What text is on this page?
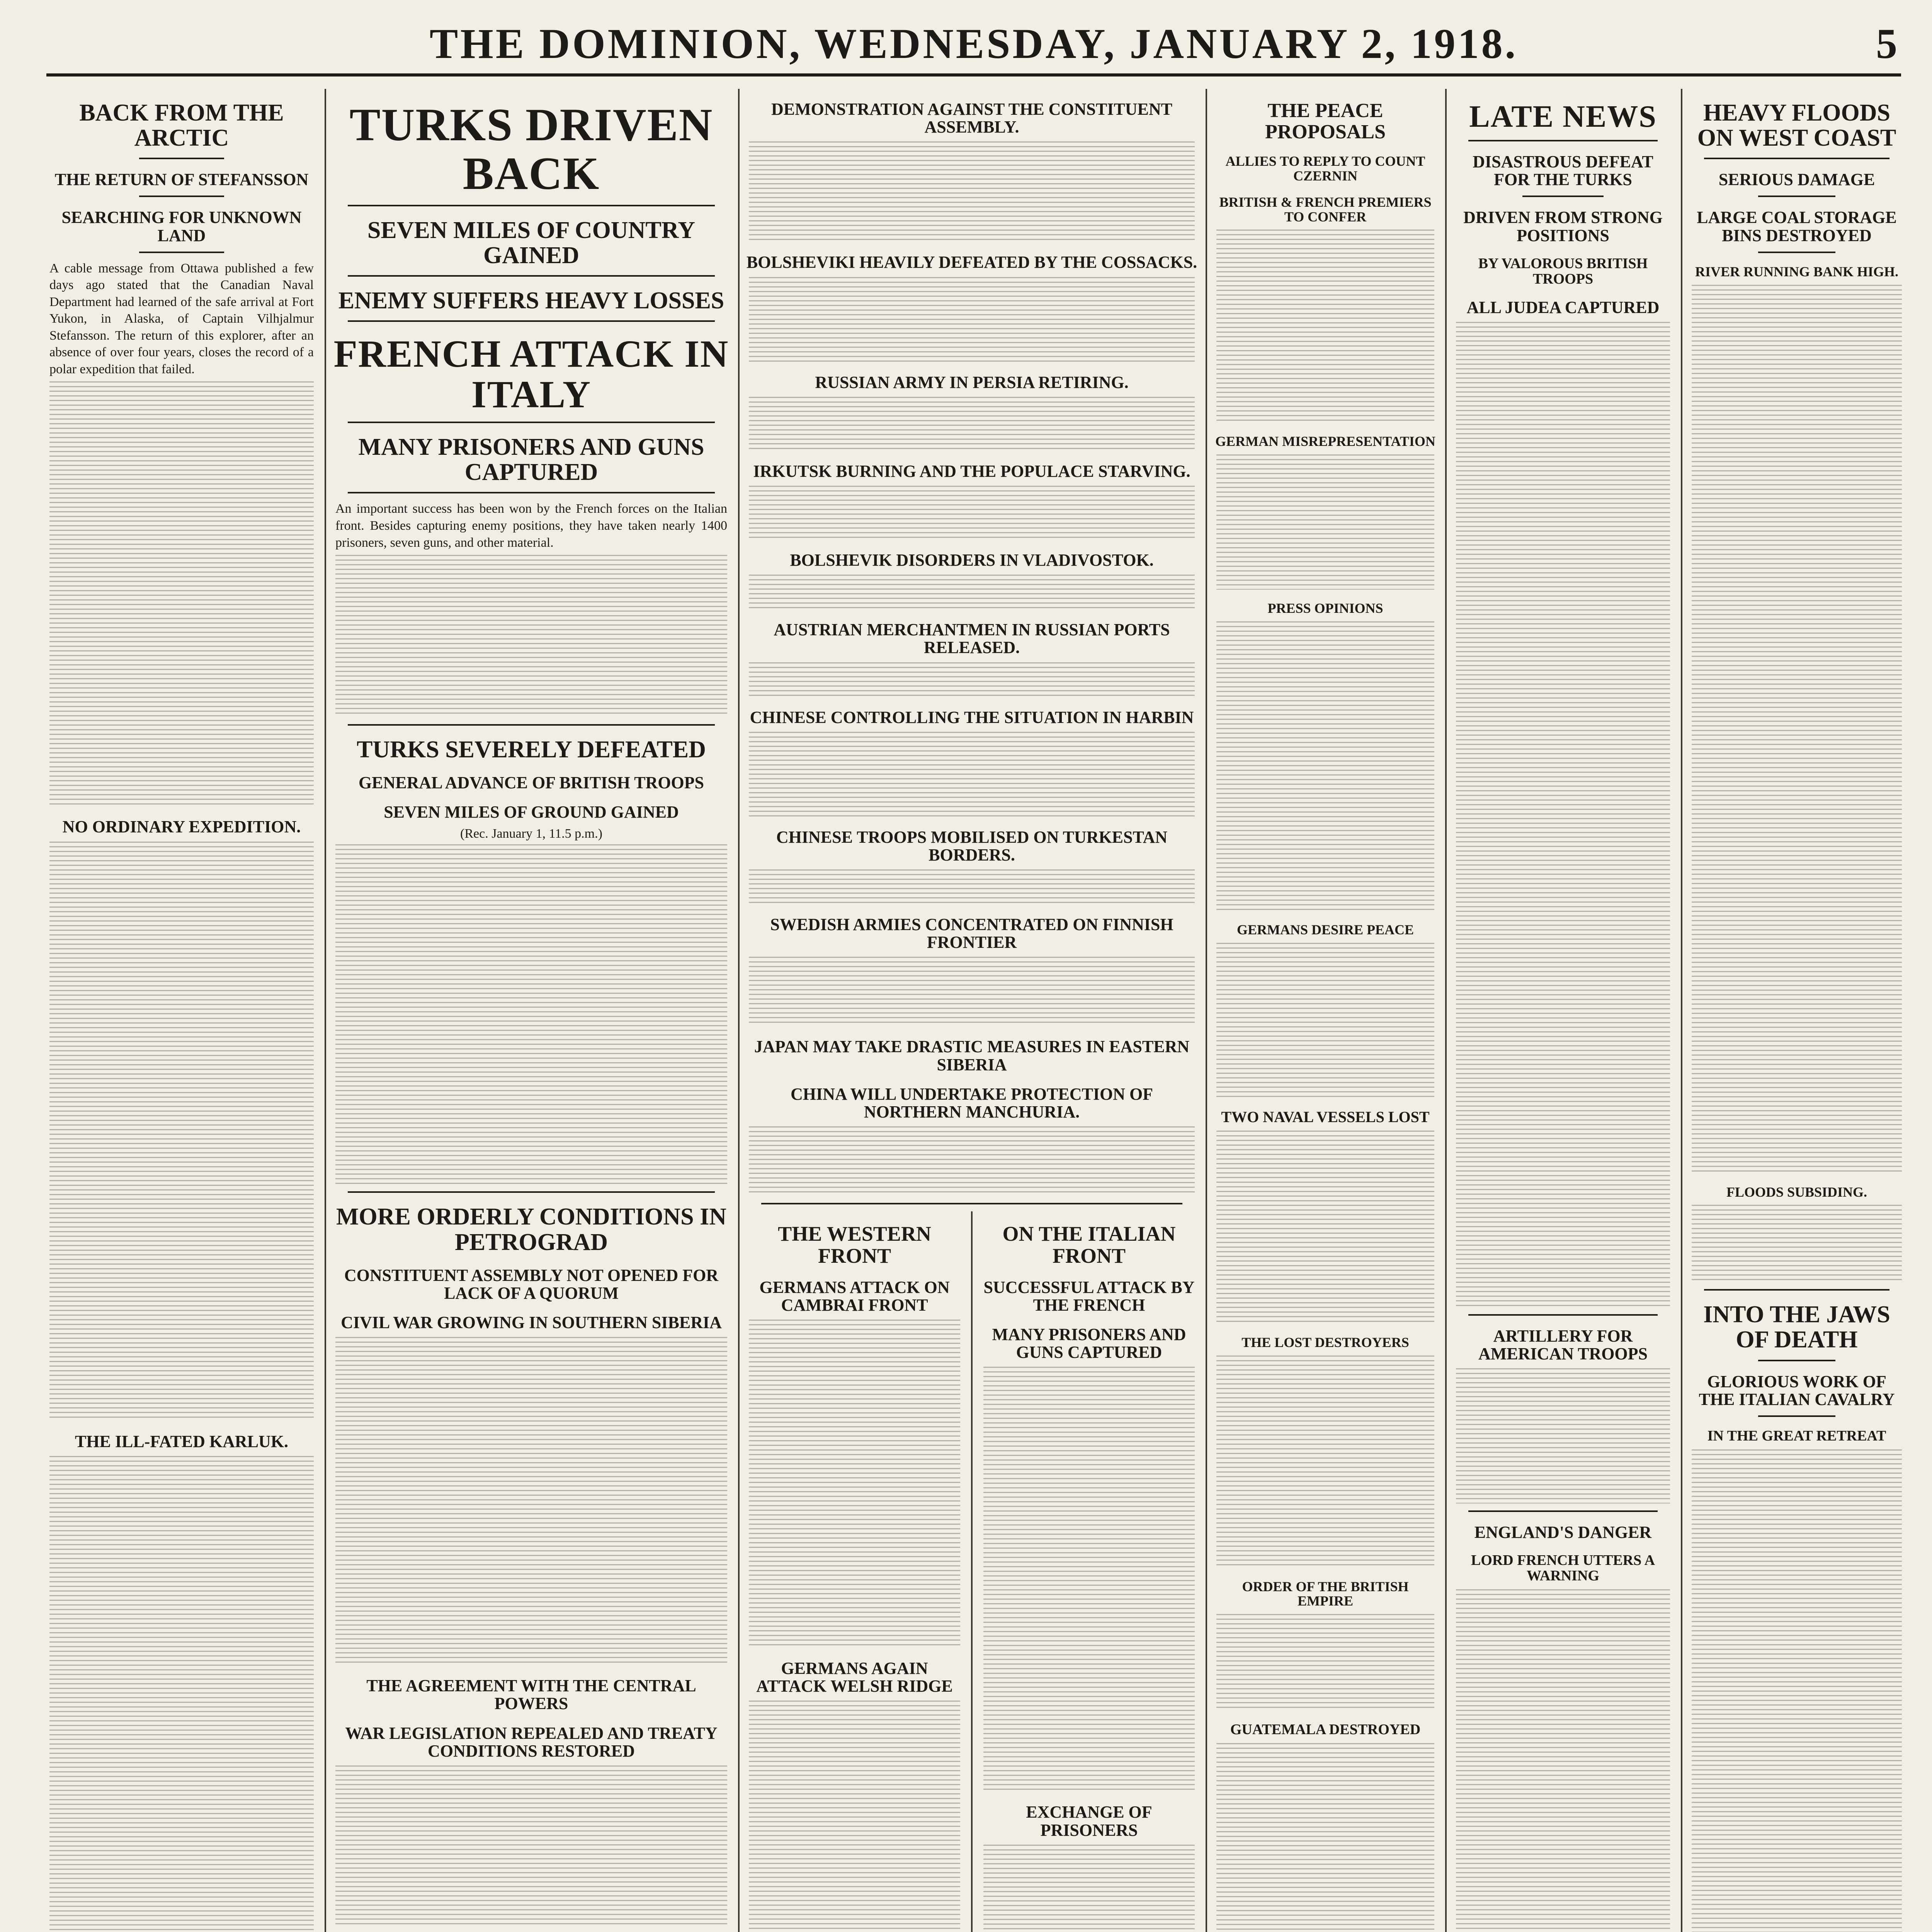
THE DOMINION, WEDNESDAY, JANUARY 2, 1918.	5
BACK FROM THE ARCTIC
THE RETURN OF STEFANSSON
SEARCHING FOR UNKNOWN LAND
A cable message from Ottawa published a few days ago stated that the Canadian Naval Department had learned of the safe arrival at Fort Yukon, in Alaska, of Captain Vilhjalmur Stefansson. The return of this explorer, after an absence of over four years, closes the record of a polar expedition that failed.
NO ORDINARY EXPEDITION.
THE ILL-FATED KARLUK.
TURKS DRIVEN BACK
SEVEN MILES OF COUNTRY GAINED
ENEMY SUFFERS HEAVY LOSSES
FRENCH ATTACK IN ITALY
MANY PRISONERS AND GUNS CAPTURED
An important success has been won by the French forces on the Italian front. Besides capturing enemy positions, they have taken nearly 1400 prisoners, seven guns, and other material.
TURKS SEVERELY DEFEATED
GENERAL ADVANCE OF BRITISH TROOPS
SEVEN MILES OF GROUND GAINED
(Rec. January 1, 11.5 p.m.)
MORE ORDERLY CONDITIONS IN PETROGRAD
CONSTITUENT ASSEMBLY NOT OPENED FOR LACK OF A QUORUM
CIVIL WAR GROWING IN SOUTHERN SIBERIA
THE AGREEMENT WITH THE CENTRAL POWERS
WAR LEGISLATION REPEALED AND TREATY CONDITIONS RESTORED
DEMONSTRATION AGAINST THE CONSTITUENT ASSEMBLY.
BOLSHEVIKI HEAVILY DEFEATED BY THE COSSACKS.
RUSSIAN ARMY IN PERSIA RETIRING.
IRKUTSK BURNING AND THE POPULACE STARVING.
BOLSHEVIK DISORDERS IN VLADIVOSTOK.
AUSTRIAN MERCHANTMEN IN RUSSIAN PORTS RELEASED.
CHINESE CONTROLLING THE SITUATION IN HARBIN
CHINESE TROOPS MOBILISED ON TURKESTAN BORDERS.
SWEDISH ARMIES CONCENTRATED ON FINNISH FRONTIER
JAPAN MAY TAKE DRASTIC MEASURES IN EASTERN SIBERIA
CHINA WILL UNDERTAKE PROTECTION OF NORTHERN MANCHURIA.
THE WESTERN FRONT
GERMANS ATTACK ON CAMBRAI FRONT
GERMANS AGAIN ATTACK WELSH RIDGE
ON THE ITALIAN FRONT
SUCCESSFUL ATTACK BY THE FRENCH
MANY PRISONERS AND GUNS CAPTURED
EXCHANGE OF PRISONERS
THE PEACE PROPOSALS
ALLIES TO REPLY TO COUNT CZERNIN
BRITISH & FRENCH PREMIERS TO CONFER
GERMAN MISREPRESENTATION
PRESS OPINIONS
GERMANS DESIRE PEACE
TWO NAVAL VESSELS LOST
THE LOST DESTROYERS
ORDER OF THE BRITISH EMPIRE
GUATEMALA DESTROYED
LATE NEWS
DISASTROUS DEFEAT FOR THE TURKS
DRIVEN FROM STRONG POSITIONS
BY VALOROUS BRITISH TROOPS
ALL JUDEA CAPTURED
ARTILLERY FOR AMERICAN TROOPS
ENGLAND'S DANGER
LORD FRENCH UTTERS A WARNING
HEAVY FLOODS ON WEST COAST
SERIOUS DAMAGE
LARGE COAL STORAGE BINS DESTROYED
RIVER RUNNING BANK HIGH.
FLOODS SUBSIDING.
INTO THE JAWS OF DEATH
GLORIOUS WORK OF THE ITALIAN CAVALRY
IN THE GREAT RETREAT
